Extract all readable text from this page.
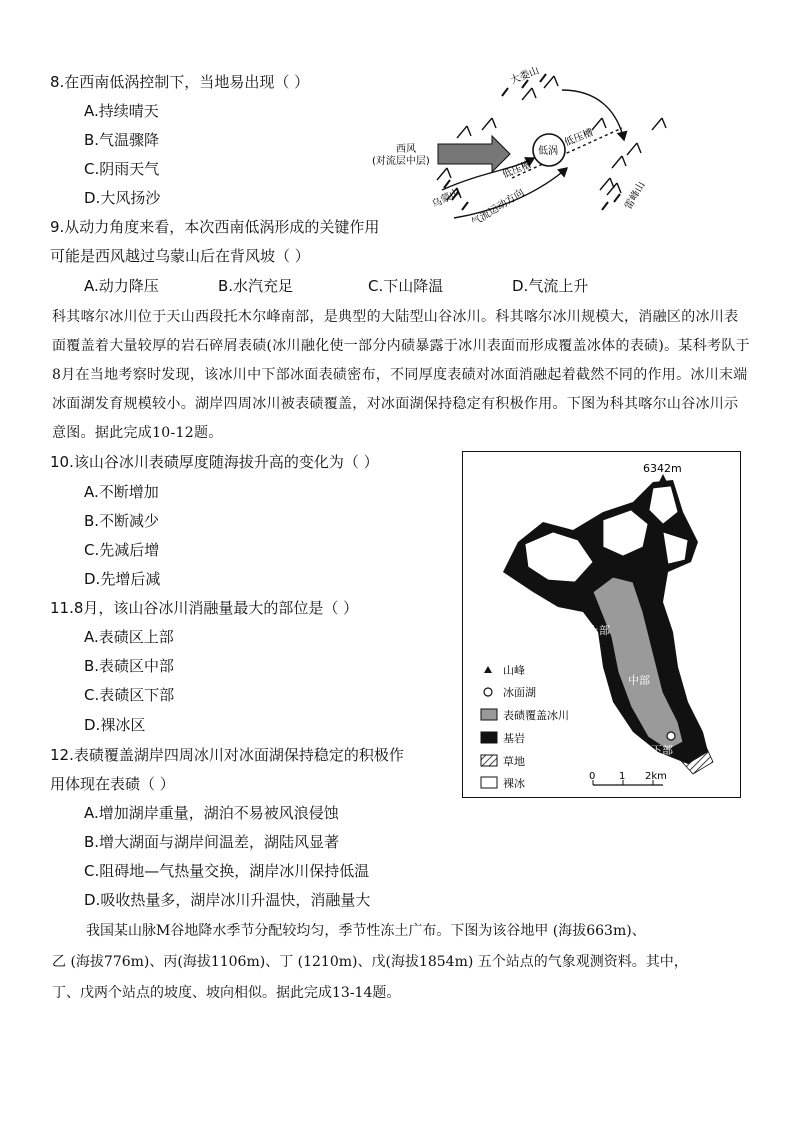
8.在西南低涡控制下，当地易出现（ ）
A.持续晴天
B.气温骤降
C.阴雨天气
D.大风扬沙
9.从动力角度来看，本次西南低涡形成的关键作用
可能是西风越过乌蒙山后在背风坡（ ）
A.动力降压	B.水汽充足	C.下山降温	D.气流上升
大娄山
西风
(对流层中层)
低涡
低压槽
低压槽
乌蒙山 气流运动方向	雷峰山
科其喀尔冰川位于天山西段托木尔峰南部，是典型的大陆型山谷冰川。科其喀尔冰川规模大，消融区的冰川表面覆盖着大量较厚的岩石碎屑表碛(冰川融化使一部分内碛暴露于冰川表面而形成覆盖冰体的表碛)。某科考队于8月在当地考察时发现，该冰川中下部冰面表碛密布，不同厚度表碛对冰面消融起着截然不同的作用。冰川末端冰面湖发育规模较小。湖岸四周冰川被表碛覆盖，对冰面湖保持稳定有积极作用。下图为科其喀尔山谷冰川示意图。据此完成10-12题。
10.该山谷冰川表碛厚度随海拔升高的变化为（ ）
A.不断增加
B.不断减少
C.先减后增
D.先增后减
11.8月，该山谷冰川消融量最大的部位是（ ）
A.表碛区上部
B.表碛区中部
C.表碛区下部
D.裸冰区
12.表碛覆盖湖岸四周冰川对冰面湖保持稳定的积极作
用体现在表碛（ ）
A.增加湖岸重量，湖泊不易被风浪侵蚀
B.增大湖面与湖岸间温差，湖陆风显著
C.阻碍地—气热量交换，湖岸冰川保持低温
D.吸收热量多，湖岸冰川升温快，消融量大
6342m
上部
中部
下部
山峰
冰面湖
表碛覆盖冰川
基岩
草地
裸冰
0 1 2km
我国某山脉M谷地降水季节分配较均匀，季节性冻土广布。下图为该谷地甲 (海拔663m)、
乙 (海拔776m)、丙(海拔1106m)、丁 (1210m)、戊(海拔1854m) 五个站点的气象观测资料。其中，
丁、戊两个站点的坡度、坡向相似。据此完成13-14题。
